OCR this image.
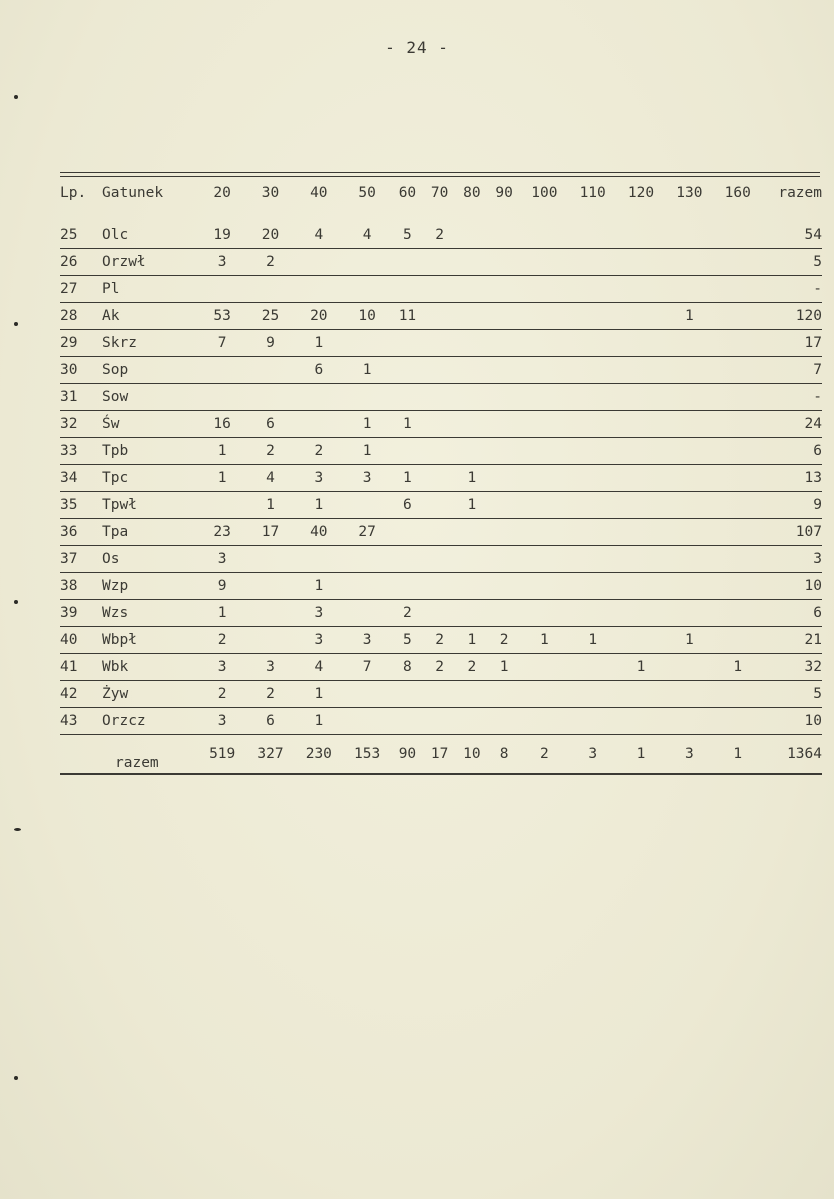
- 24 -
Lp.	Gatunek	20	30	40	50	60	70	80	90	100	110	120	130	160	razem
25	Olc	19	20	4	4	5	2								54
26	Orzwł	3	2												5
27	Pl														-
28	Ak	53	25	20	10	11							1		120
29	Skrz	7	9	1											17
30	Sop			6	1										7
31	Sow														-
32	Św	16	6		1	1									24
33	Tpb	1	2	2	1										6
34	Tpc	1	4	3	3	1		1							13
35	Tpwł		1	1		6		1							9
36	Tpa	23	17	40	27										107
37	Os	3													3
38	Wzp	9		1											10
39	Wzs	1		3		2									6
40	Wbpł	2		3	3	5	2	1	2	1	1		1		21
41	Wbk	3	3	4	7	8	2	2	1			1		1	32
42	Żyw	2	2	1											5
43	Orzcz	3	6	1											10
razem		519	327	230	153	90	17	10	8	2	3	1	3	1	1364
